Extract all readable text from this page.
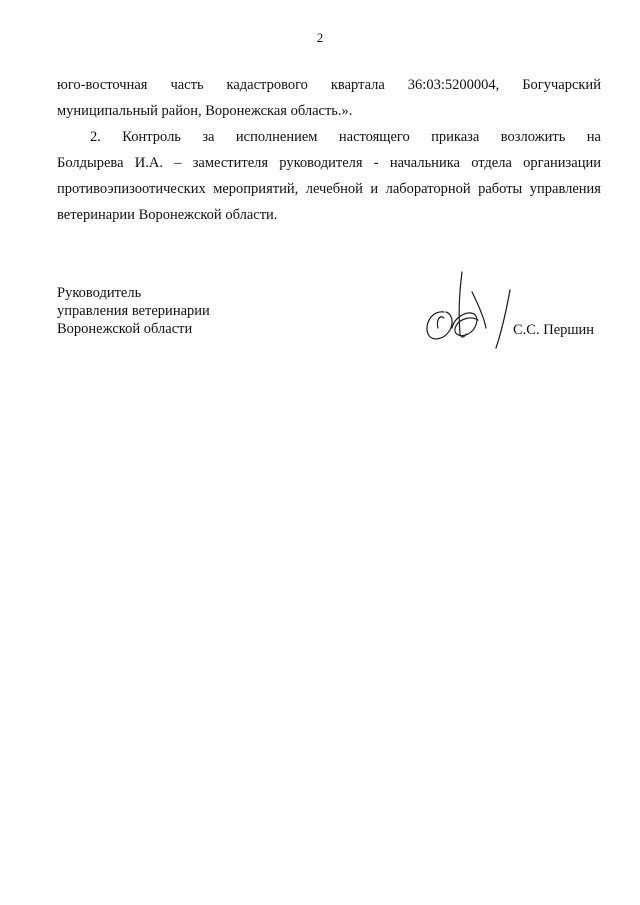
2
юго-восточная часть кадастрового квартала 36:03:5200004, Богучарский
муниципальный район, Воронежская область.».
2. Контроль за исполнением настоящего приказа возложить на
Болдырева И.А. – заместителя руководителя - начальника отдела организации
противоэпизоотических мероприятий, лечебной и лабораторной работы управления
ветеринарии Воронежской области.
Руководитель
управления ветеринарии
Воронежской области	С.С. Першин
